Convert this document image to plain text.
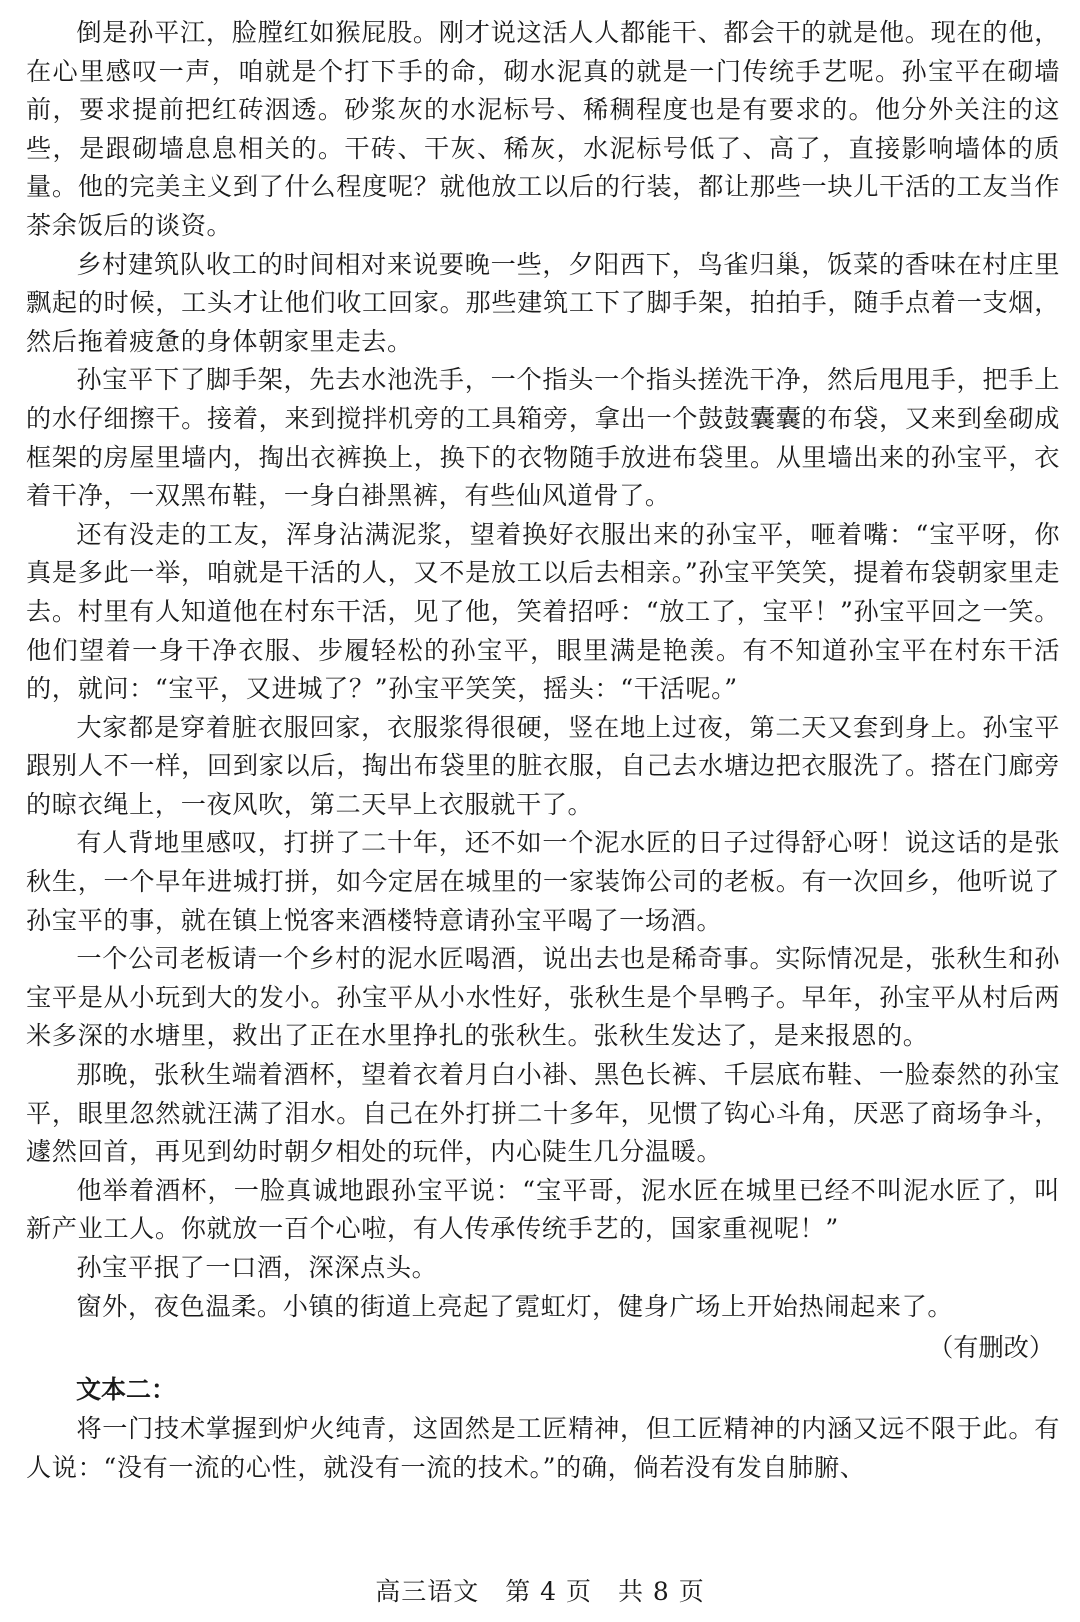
倒是孙平江，脸膛红如猴屁股。刚才说这活人人都能干、都会干的就是他。现在的他，在心里感叹一声，咱就是个打下手的命，砌水泥真的就是一门传统手艺呢。孙宝平在砌墙前，要求提前把红砖洇透。砂浆灰的水泥标号、稀稠程度也是有要求的。他分外关注的这些，是跟砌墙息息相关的。干砖、干灰、稀灰，水泥标号低了、高了，直接影响墙体的质量。他的完美主义到了什么程度呢？就他放工以后的行装，都让那些一块儿干活的工友当作茶余饭后的谈资。

乡村建筑队收工的时间相对来说要晚一些，夕阳西下，鸟雀归巢，饭菜的香味在村庄里飘起的时候，工头才让他们收工回家。那些建筑工下了脚手架，拍拍手，随手点着一支烟，然后拖着疲惫的身体朝家里走去。

孙宝平下了脚手架，先去水池洗手，一个指头一个指头搓洗干净，然后甩甩手，把手上的水仔细擦干。接着，来到搅拌机旁的工具箱旁，拿出一个鼓鼓囊囊的布袋，又来到垒砌成框架的房屋里墙内，掏出衣裤换上，换下的衣物随手放进布袋里。从里墙出来的孙宝平，衣着干净，一双黑布鞋，一身白褂黑裤，有些仙风道骨了。

还有没走的工友，浑身沾满泥浆，望着换好衣服出来的孙宝平，咂着嘴：“宝平呀，你真是多此一举，咱就是干活的人，又不是放工以后去相亲。”孙宝平笑笑，提着布袋朝家里走去。村里有人知道他在村东干活，见了他，笑着招呼：“放工了，宝平！”孙宝平回之一笑。他们望着一身干净衣服、步履轻松的孙宝平，眼里满是艳羡。有不知道孙宝平在村东干活的，就问：“宝平，又进城了？”孙宝平笑笑，摇头：“干活呢。”

大家都是穿着脏衣服回家，衣服浆得很硬，竖在地上过夜，第二天又套到身上。孙宝平跟别人不一样，回到家以后，掏出布袋里的脏衣服，自己去水塘边把衣服洗了。搭在门廊旁的晾衣绳上，一夜风吹，第二天早上衣服就干了。

有人背地里感叹，打拼了二十年，还不如一个泥水匠的日子过得舒心呀！说这话的是张秋生，一个早年进城打拼，如今定居在城里的一家装饰公司的老板。有一次回乡，他听说了孙宝平的事，就在镇上悦客来酒楼特意请孙宝平喝了一场酒。

一个公司老板请一个乡村的泥水匠喝酒，说出去也是稀奇事。实际情况是，张秋生和孙宝平是从小玩到大的发小。孙宝平从小水性好，张秋生是个旱鸭子。早年，孙宝平从村后两米多深的水塘里，救出了正在水里挣扎的张秋生。张秋生发达了，是来报恩的。

那晚，张秋生端着酒杯，望着衣着月白小褂、黑色长裤、千层底布鞋、一脸泰然的孙宝平，眼里忽然就汪满了泪水。自己在外打拼二十多年，见惯了钩心斗角，厌恶了商场争斗，遽然回首，再见到幼时朝夕相处的玩伴，内心陡生几分温暖。

他举着酒杯，一脸真诚地跟孙宝平说：“宝平哥，泥水匠在城里已经不叫泥水匠了，叫新产业工人。你就放一百个心啦，有人传承传统手艺的，国家重视呢！”

孙宝平抿了一口酒，深深点头。

窗外，夜色温柔。小镇的街道上亮起了霓虹灯，健身广场上开始热闹起来了。

（有删改）
文本二：

将一门技术掌握到炉火纯青，这固然是工匠精神，但工匠精神的内涵又远不限于此。有人说：“没有一流的心性，就没有一流的技术。”的确，倘若没有发自肺腑、

高三语文　第 4 页　共 8 页
